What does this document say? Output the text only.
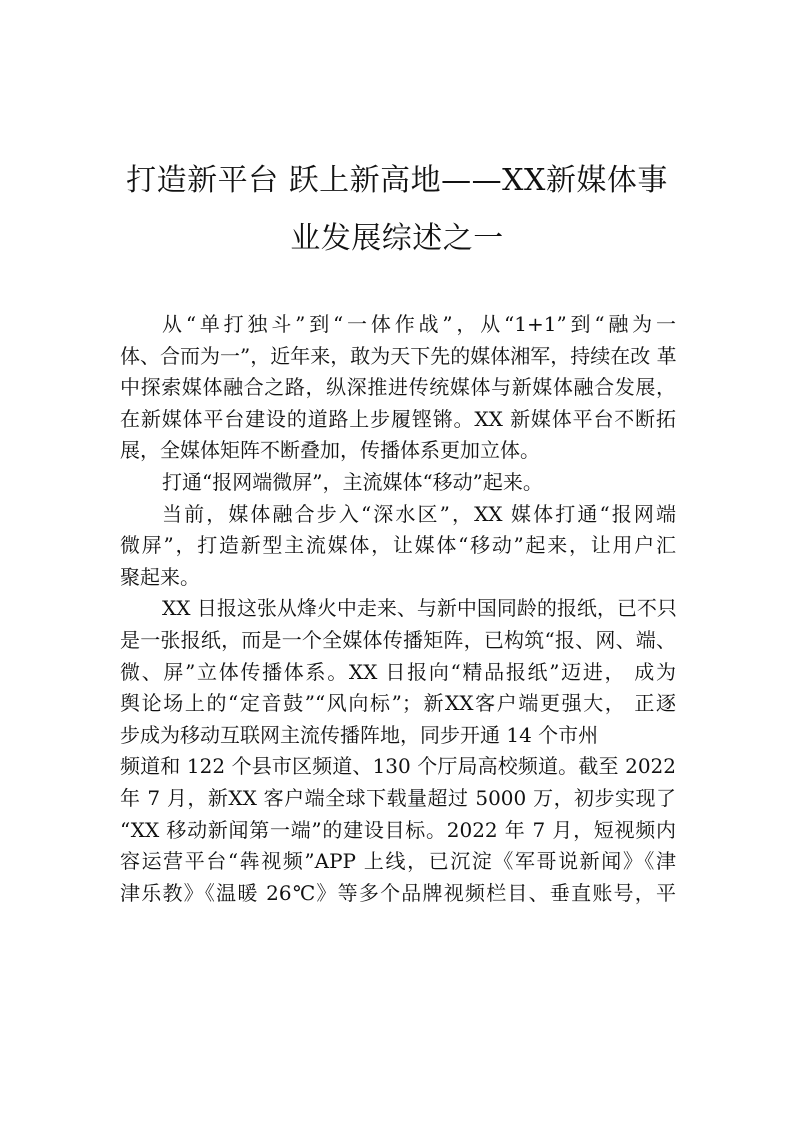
打造新平台 跃上新高地——XX新媒体事
业发展综述之一
从“单打独斗”到“一体作战”，从“1+1”到“融为一
体、合而为一”，近年来，敢为天下先的媒体湘军，持续在改 革
中探索媒体融合之路，纵深推进传统媒体与新媒体融合发展，
在新媒体平台建设的道路上步履铿锵。XX 新媒体平台不断拓
展，全媒体矩阵不断叠加，传播体系更加立体。
打通“报网端微屏”，主流媒体“移动”起来。
当前，媒体融合步入“深水区”，XX 媒体打通“报网端
微屏”，打造新型主流媒体，让媒体“移动”起来，让用户汇
聚起来。
XX 日报这张从烽火中走来、与新中国同龄的报纸，已不只
是一张报纸，而是一个全媒体传播矩阵，已构筑“报、网、端、
微、屏”立体传播体系。XX 日报向“精品报纸”迈进， 成为
舆论场上的“定音鼓”“风向标”；新XX客户端更强大， 正逐
步成为移动互联网主流传播阵地，同步开通 14 个市州
频道和 122 个县市区频道、130 个厅局高校频道。截至 2022
年 7 月，新XX 客户端全球下载量超过 5000 万，初步实现了
“XX 移动新闻第一端”的建设目标。2022 年 7 月，短视频内
容运营平台“犇视频”APP 上线，已沉淀《军哥说新闻》《津
津乐教》《温暖 26℃》等多个品牌视频栏目、垂直账号，平
